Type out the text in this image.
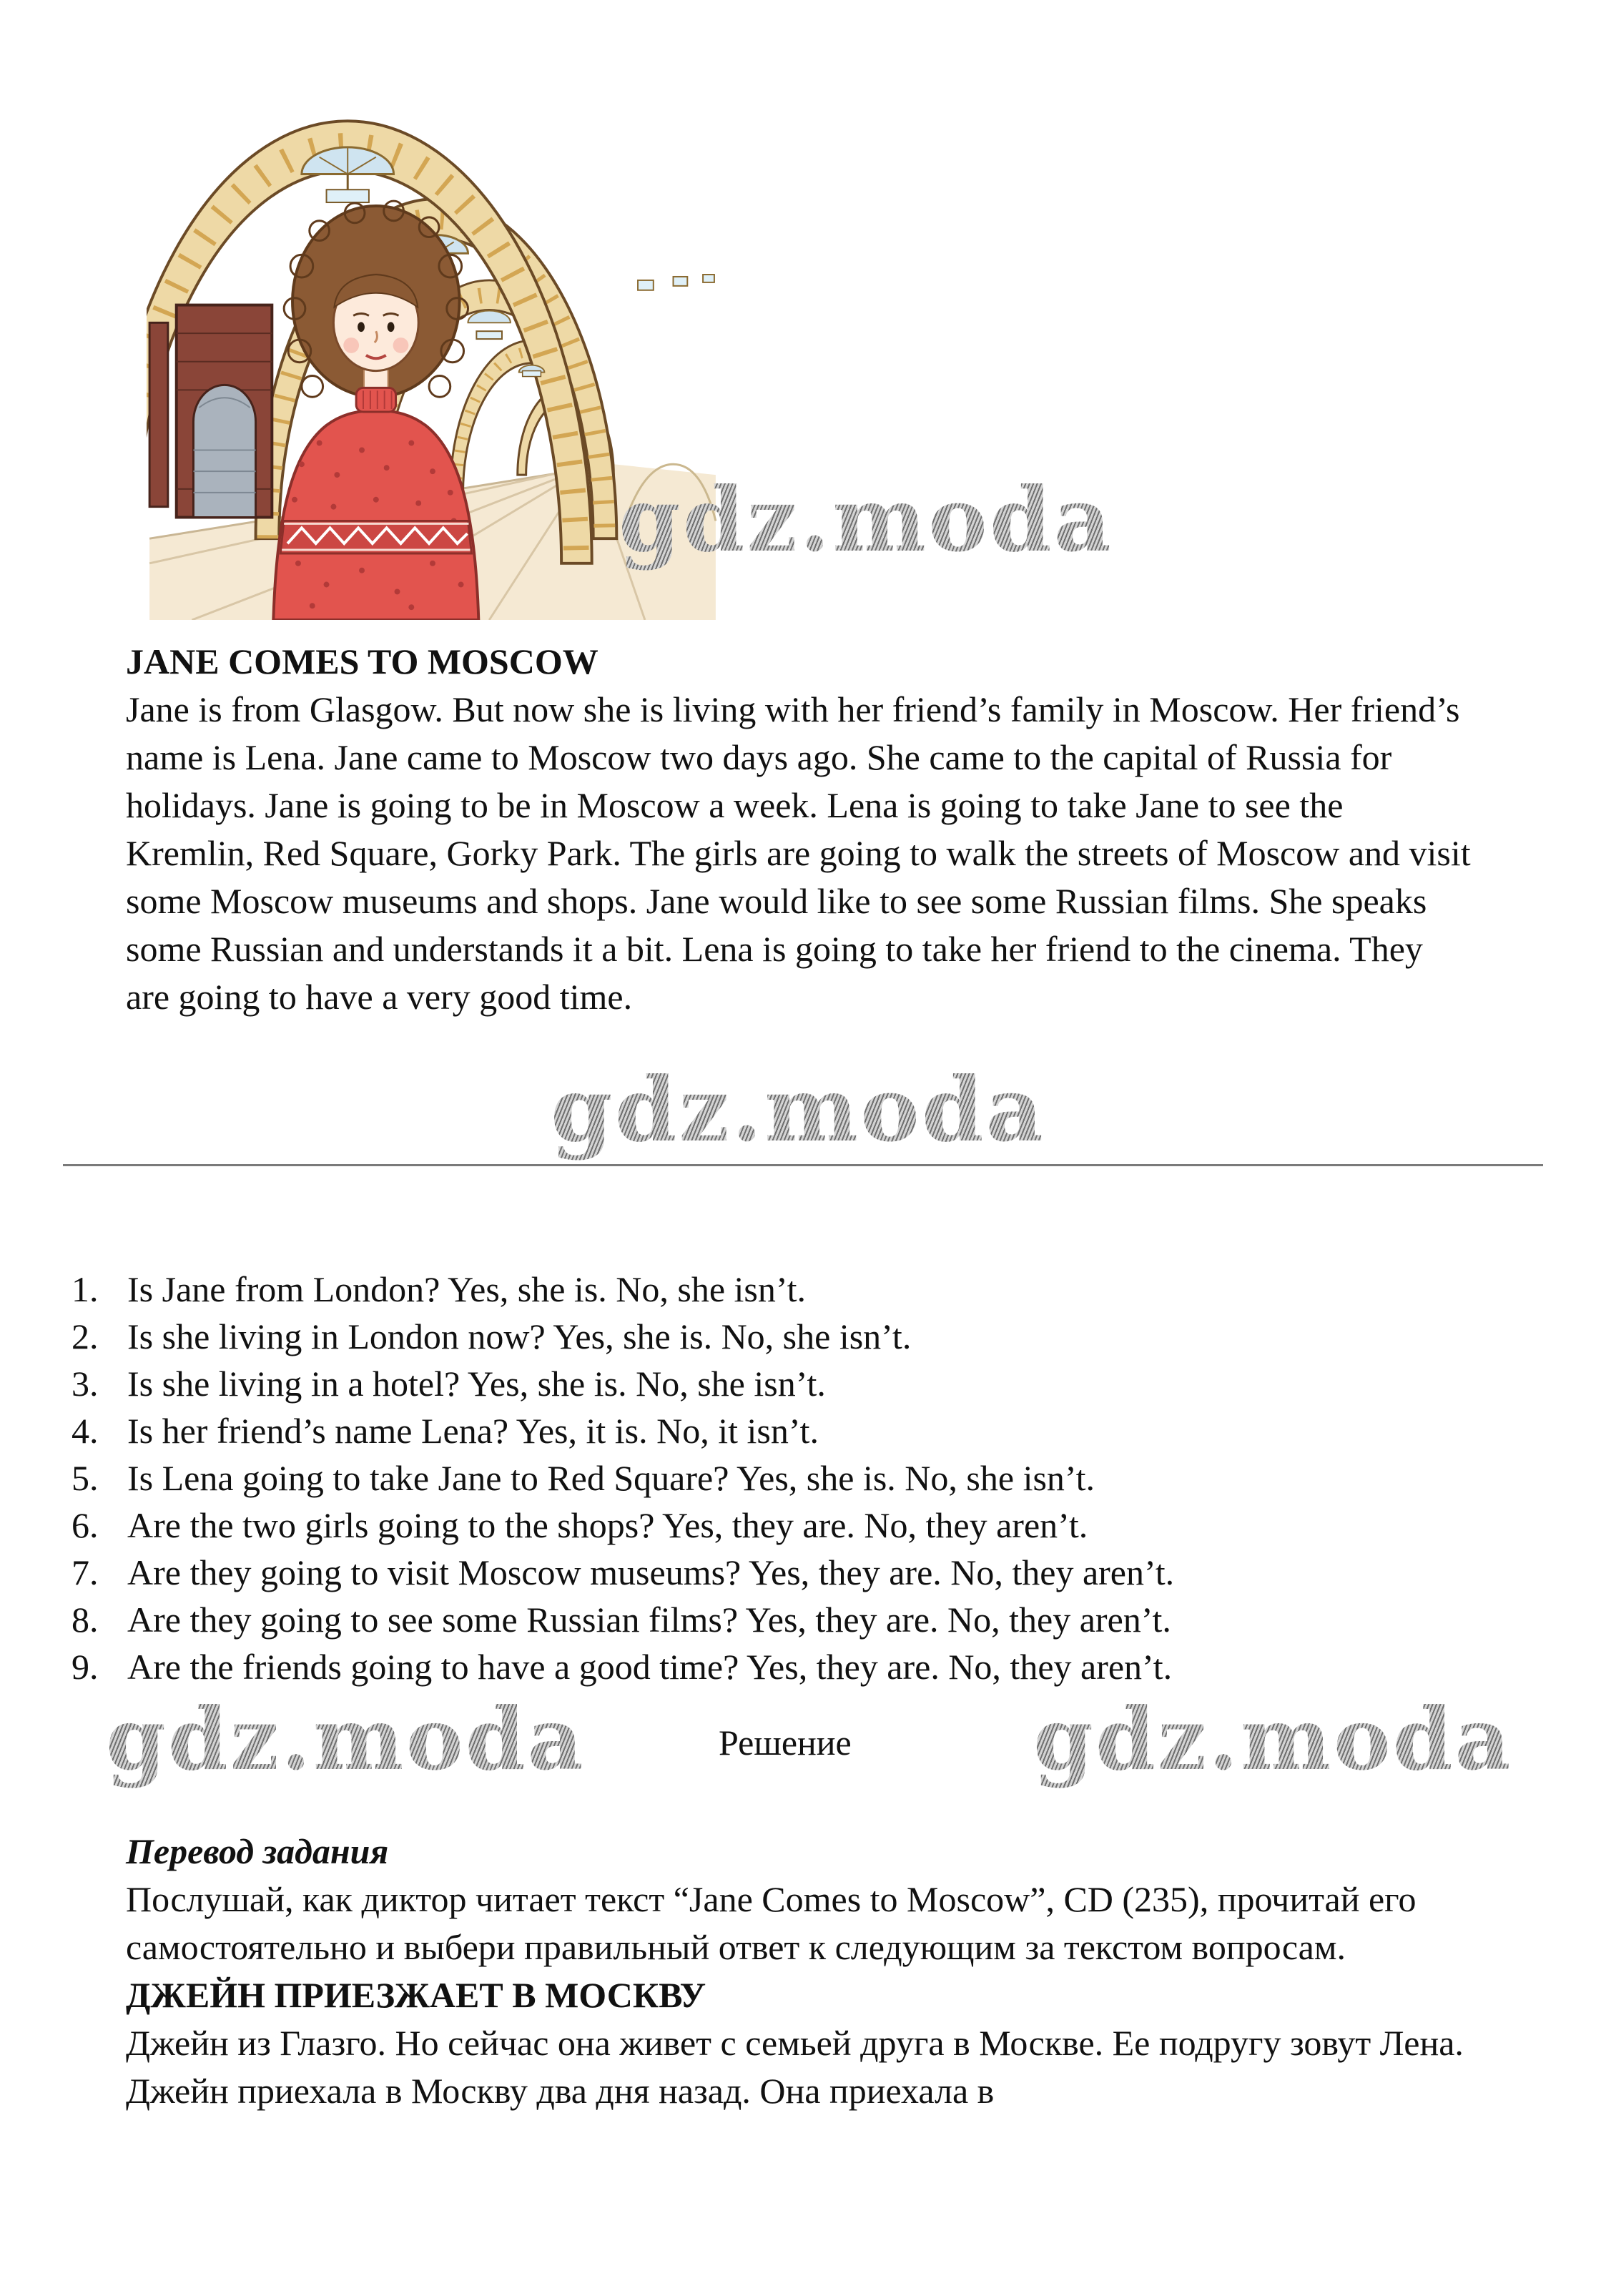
gdz.moda
gdz.moda
gdz.moda	gdz.moda
JANE COMES TO MOSCOW
Jane is from Glasgow. But now she is living with her friend’s family in Moscow. Her friend’s name is Lena. Jane came to Moscow two days ago. She came to the capital of Russia for holidays. Jane is going to be in Moscow a week. Lena is going to take Jane to see the Kremlin, Red Square, Gorky Park. The girls are going to walk the streets of Moscow and visit some Moscow museums and shops. Jane would like to see some Russian films. She speaks some Russian and understands it a bit. Lena is going to take her friend to the cinema. They are going to have a very good time.
1. Is Jane from London? Yes, she is. No, she isn’t.
2. Is she living in London now? Yes, she is. No, she isn’t.
3. Is she living in a hotel? Yes, she is. No, she isn’t.
4. Is her friend’s name Lena? Yes, it is. No, it isn’t.
5. Is Lena going to take Jane to Red Square? Yes, she is. No, she isn’t.
6. Are the two girls going to the shops? Yes, they are. No, they aren’t.
7. Are they going to visit Moscow museums? Yes, they are. No, they aren’t.
8. Are they going to see some Russian films? Yes, they are. No, they aren’t.
9. Are the friends going to have a good time? Yes, they are. No, they aren’t.
Решение
Перевод задания
Послушай, как диктор читает текст “Jane Comes to Moscow”, CD (235), прочитай его самостоятельно и выбери правильный ответ к следующим за текстом вопросам.
ДЖЕЙН ПРИЕЗЖАЕТ В МОСКВУ
Джейн из Глазго. Но сейчас она живет с семьей друга в Москве. Ее подругу зовут Лена. Джейн приехала в Москву два дня назад. Она приехала в
